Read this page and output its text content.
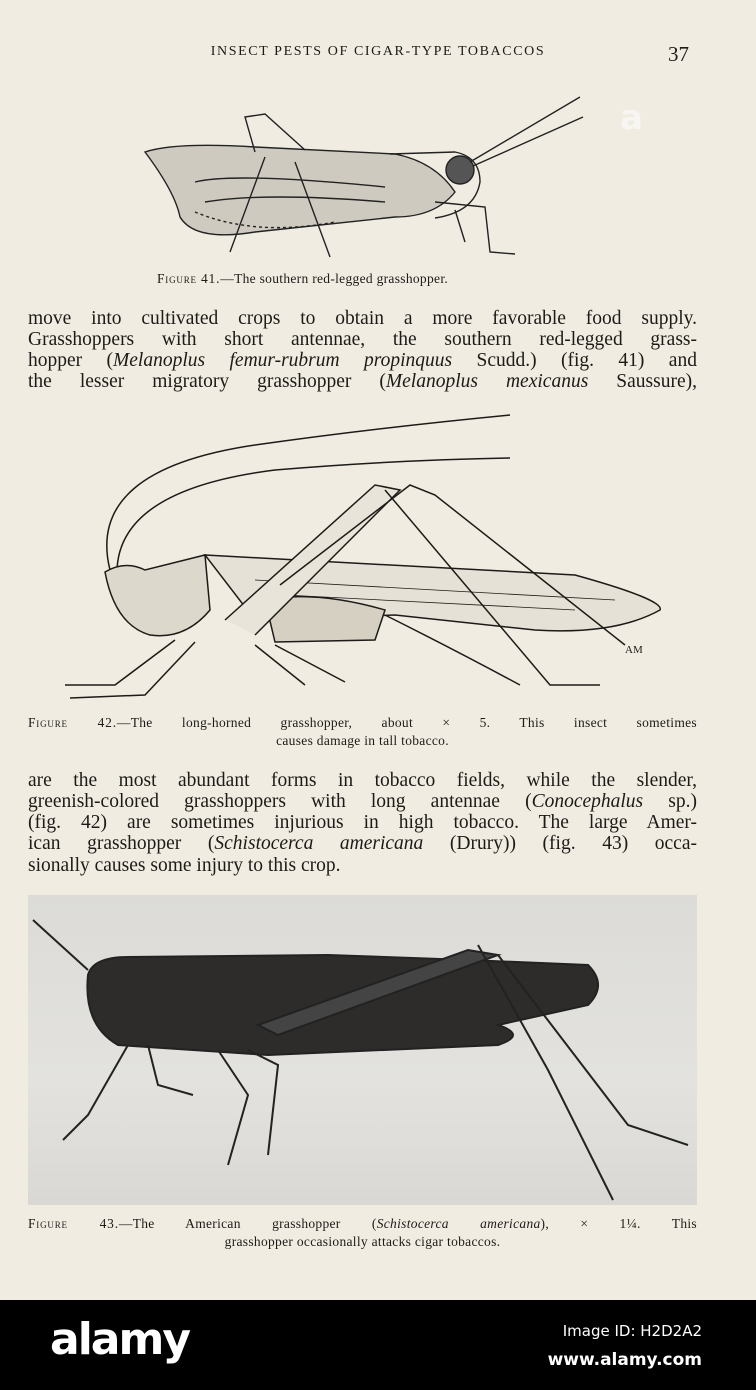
INSECT PESTS OF CIGAR-TYPE TOBACCOS	37
Figure 41.—The southern red-legged grasshopper.
move into cultivated crops to obtain a more favorable food supply.
Grasshoppers with short antennae, the southern red-legged grass-
hopper (Melanoplus femur-rubrum propinquus Scudd.) (fig. 41) and
the lesser migratory grasshopper (Melanoplus mexicanus Saussure),
AM
Figure 42.—The long-horned grasshopper, about × 5. This insect sometimes
causes damage in tall tobacco.
are the most abundant forms in tobacco fields, while the slender,
greenish-colored grasshoppers with long antennae (Conocephalus sp.)
(fig. 42) are sometimes injurious in high tobacco. The large Amer-
ican grasshopper (Schistocerca americana (Drury)) (fig. 43) occa-
sionally causes some injury to this crop.
a
Figure 43.—The American grasshopper (Schistocerca americana), × 1¼. This
grasshopper occasionally attacks cigar tobaccos.
alamy	Image ID: H2D2A2
www.alamy.com
